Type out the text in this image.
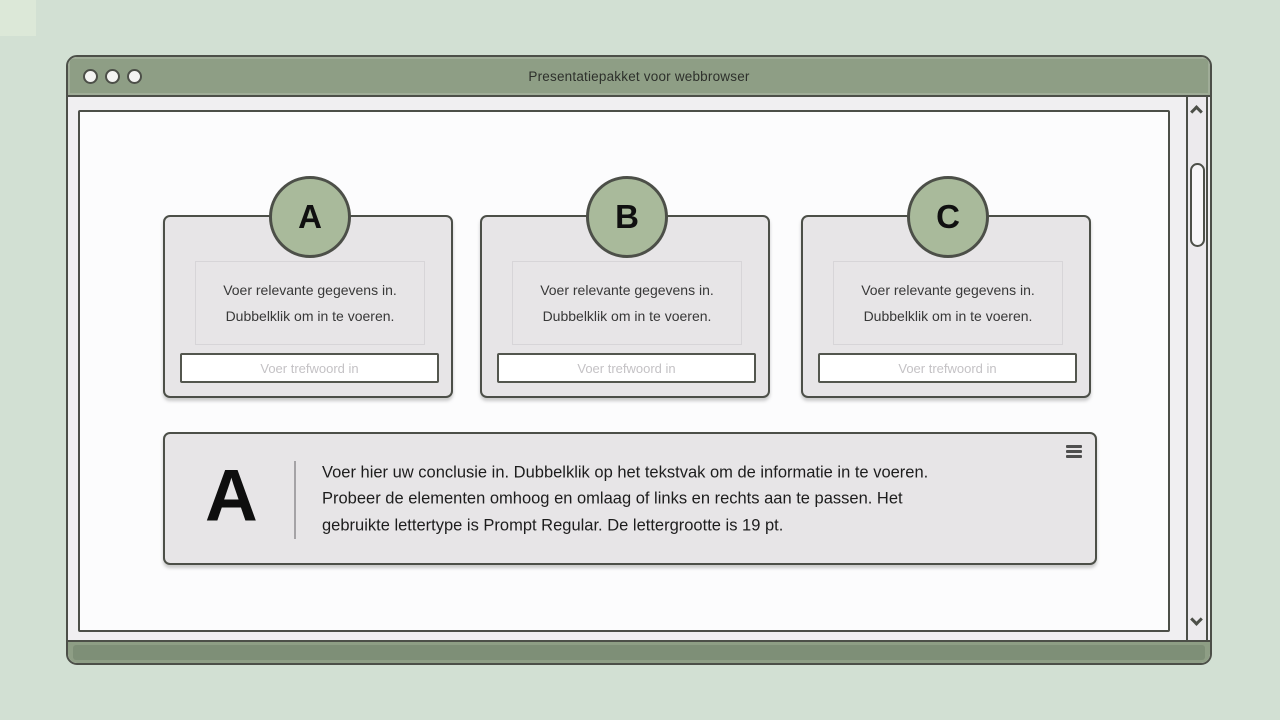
Presentatiepakket voor webbrowser
A
Voer relevante gegevens in.
Dubbelklik om in te voeren.
Voer trefwoord in
B
Voer relevante gegevens in.
Dubbelklik om in te voeren.
Voer trefwoord in
C
Voer relevante gegevens in.
Dubbelklik om in te voeren.
Voer trefwoord in
A	Voer hier uw conclusie in. Dubbelklik op het tekstvak om de informatie in te voeren.
Probeer de elementen omhoog en omlaag of links en rechts aan te passen. Het
gebruikte lettertype is Prompt Regular. De lettergrootte is 19 pt.
